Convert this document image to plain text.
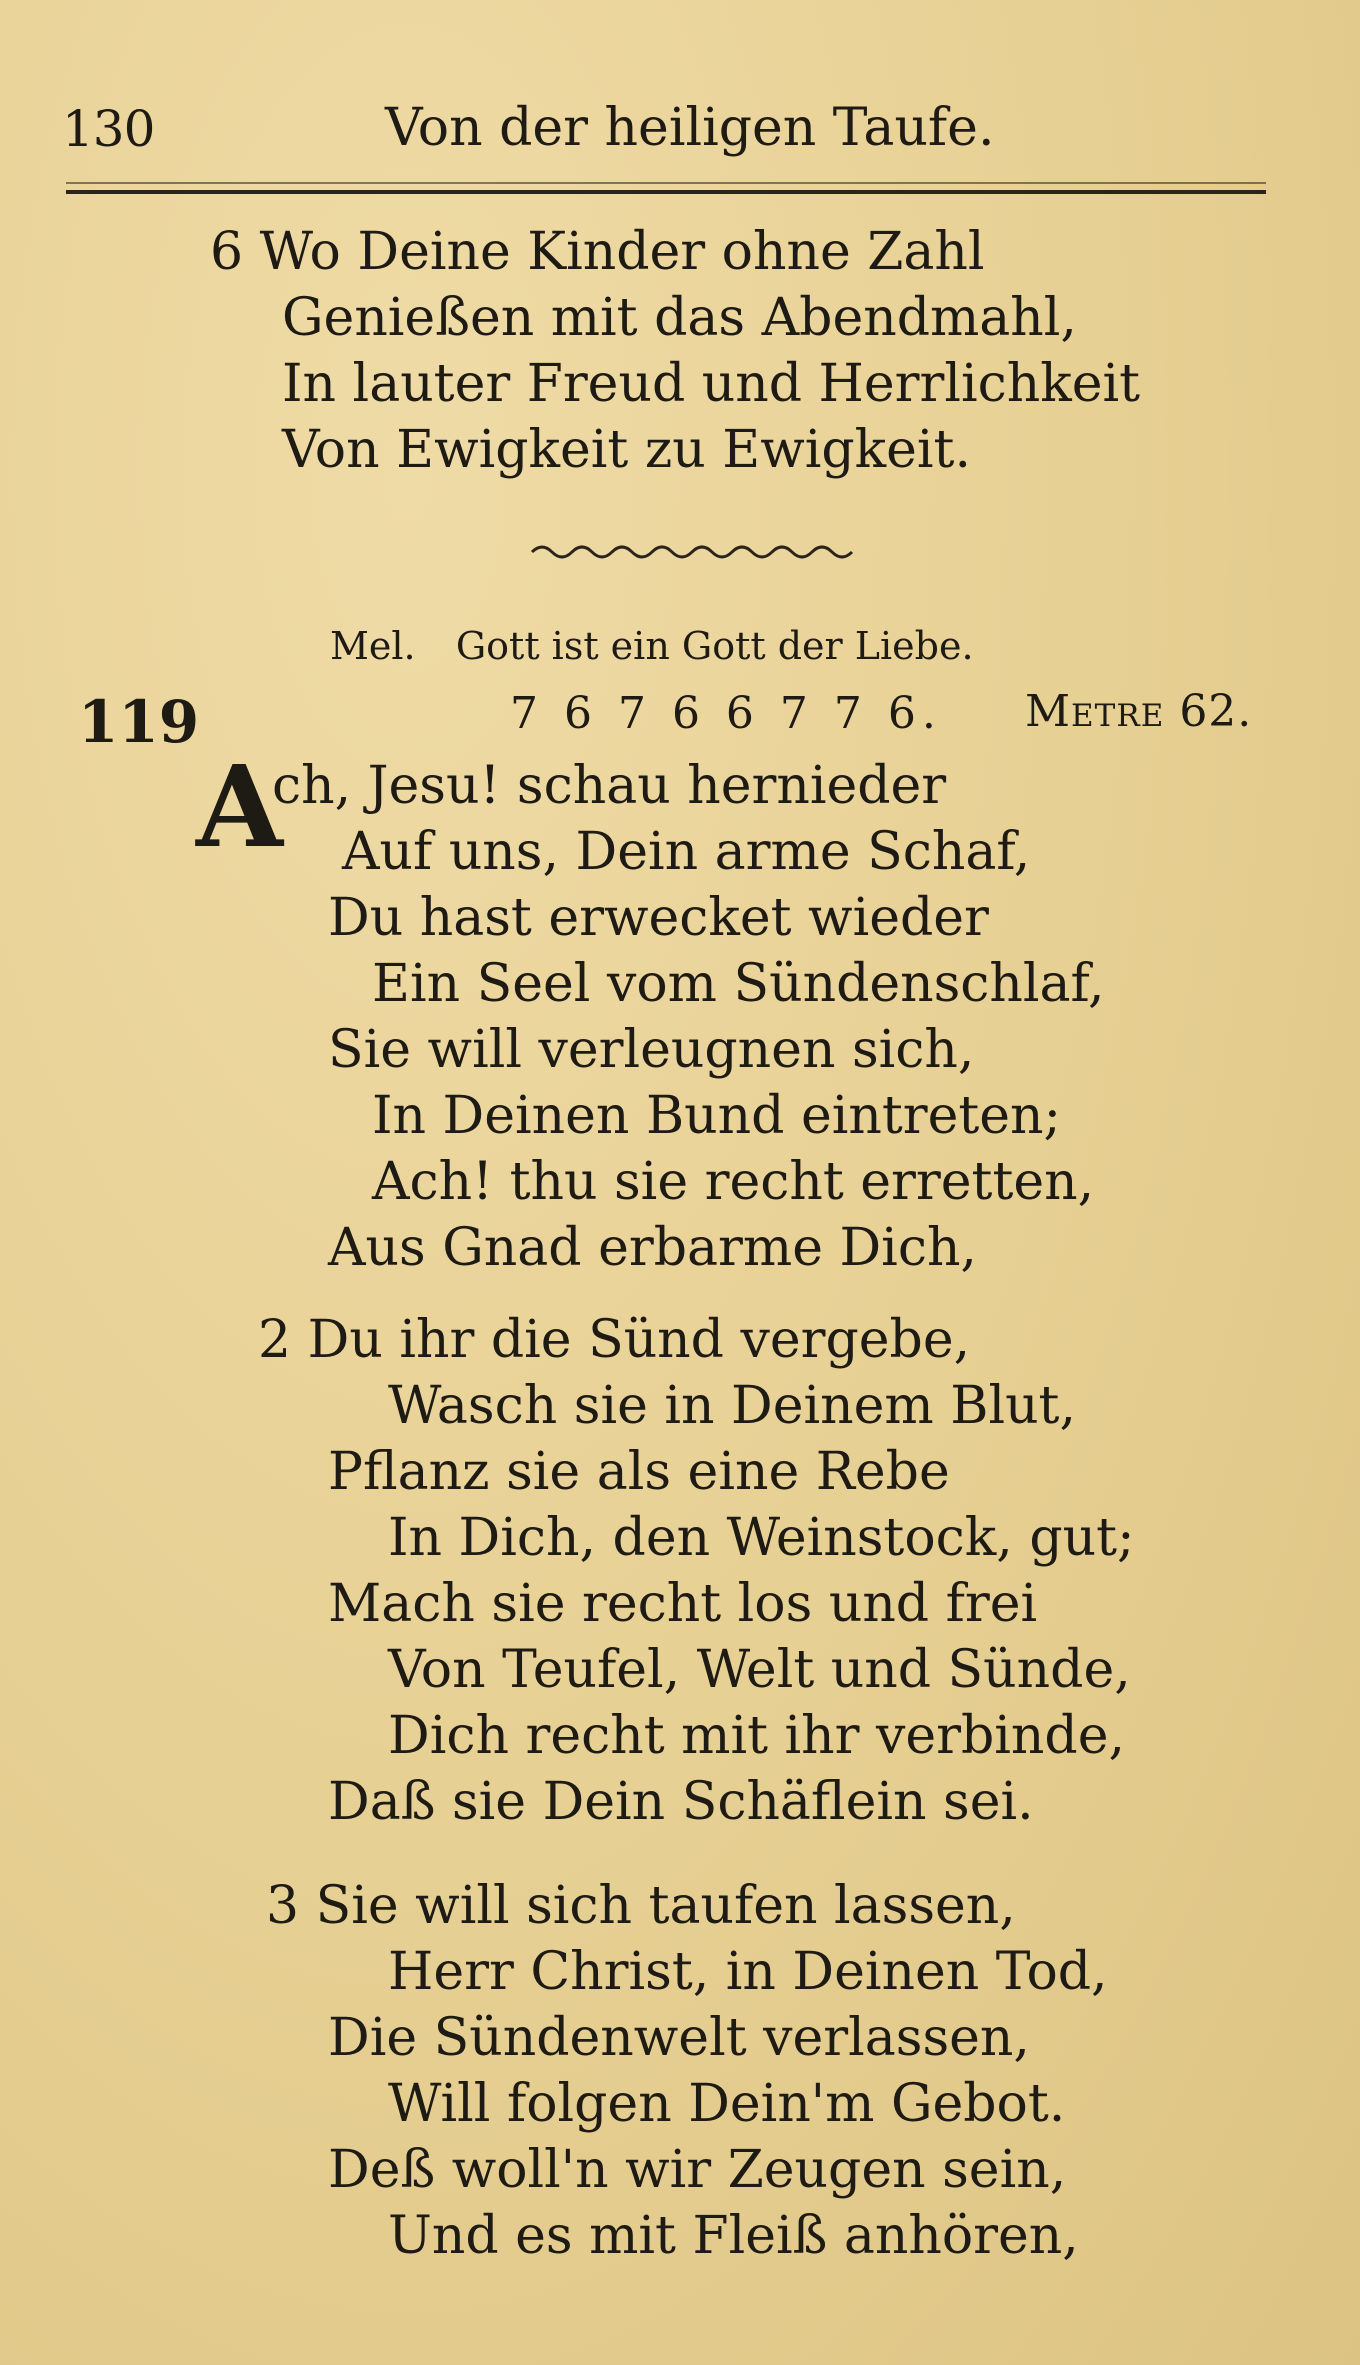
130	Von der heiligen Taufe.
6 Wo Deine Kinder ohne Zahl
Genießen mit das Abendmahl,
In lauter Freud und Herrlichkeit
Von Ewigkeit zu Ewigkeit.
Mel. Gott ist ein Gott der Liebe.
119	7 6 7 6 6 7 7 6. Metre 62.
A
ch, Jesu! schau hernieder
Auf uns, Dein arme Schaf,
Du hast erwecket wieder
Ein Seel vom Sündenschlaf,
Sie will verleugnen sich,
In Deinen Bund eintreten;
Ach! thu sie recht erretten,
Aus Gnad erbarme Dich,
2 Du ihr die Sünd vergebe,
Wasch sie in Deinem Blut,
Pflanz sie als eine Rebe
In Dich, den Weinstock, gut;
Mach sie recht los und frei
Von Teufel, Welt und Sünde,
Dich recht mit ihr verbinde,
Daß sie Dein Schäflein sei.
3 Sie will sich taufen lassen,
Herr Christ, in Deinen Tod,
Die Sündenwelt verlassen,
Will folgen Dein'm Gebot.
Deß woll'n wir Zeugen sein,
Und es mit Fleiß anhören,
